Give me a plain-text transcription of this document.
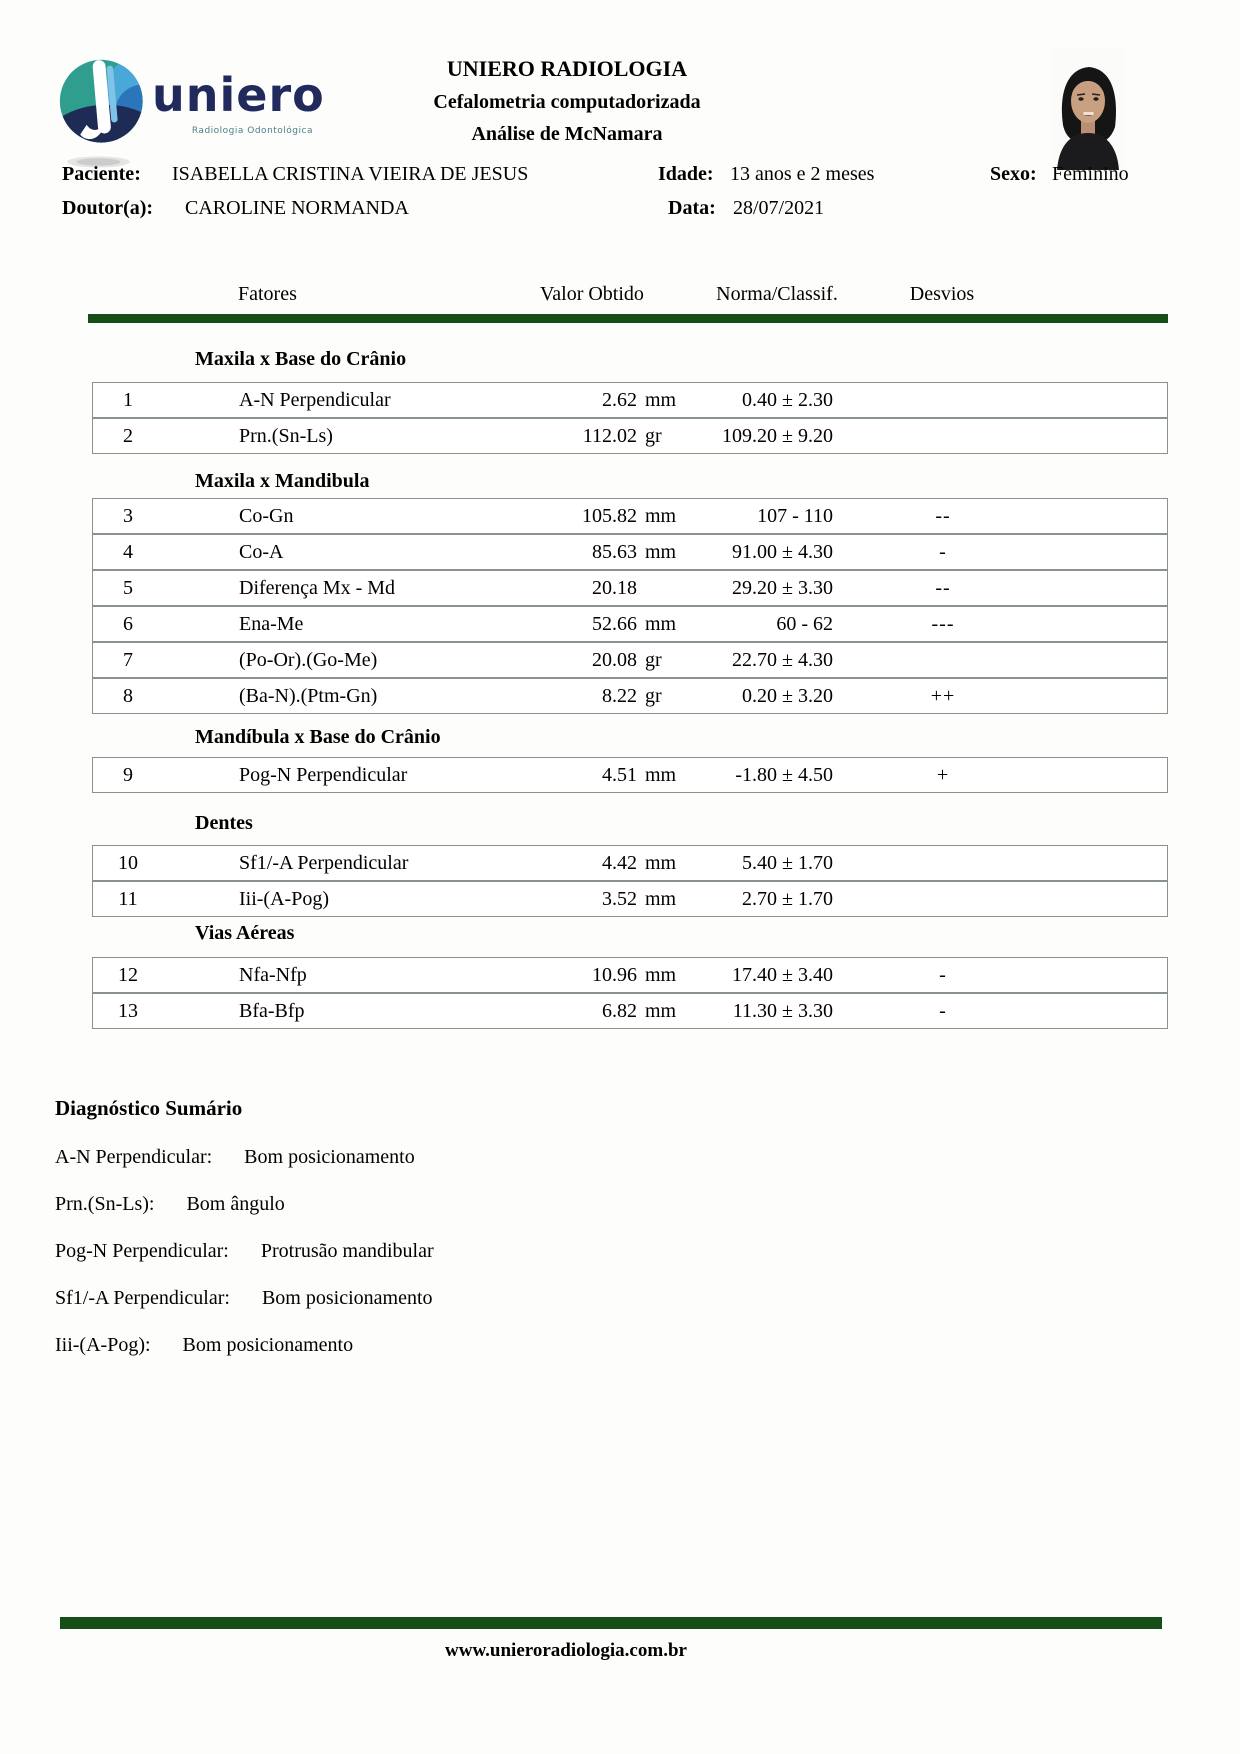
uniero
Radiologia Odontológica
UNIERO RADIOLOGIA
Cefalometria computadorizada
Análise de McNamara
Paciente: ISABELLA CRISTINA VIEIRA DE JESUS	Idade: 13 anos e 2 meses	Sexo: Feminino
Doutor(a): CAROLINE NORMANDA	Data: 28/07/2021
Fatores	Valor Obtido	Norma/Classif.	Desvios
Maxila x Base do Crânio
1	A-N Perpendicular	2.62 mm	0.40 ± 2.30
2	Prn.(Sn-Ls)	112.02 gr	109.20 ± 9.20
Maxila x Mandibula
3	Co-Gn	105.82 mm	107 - 110	--
4	Co-A	85.63 mm	91.00 ± 4.30	-
5	Diferença Mx - Md	20.18	29.20 ± 3.30	--
6	Ena-Me	52.66 mm	60 - 62	---
7	(Po-Or).(Go-Me)	20.08 gr	22.70 ± 4.30
8	(Ba-N).(Ptm-Gn)	8.22 gr	0.20 ± 3.20	++
Mandíbula x Base do Crânio
9	Pog-N Perpendicular	4.51 mm	-1.80 ± 4.50	+
Dentes
10	Sf1/-A Perpendicular	4.42 mm	5.40 ± 1.70
11	Iii-(A-Pog)	3.52 mm	2.70 ± 1.70
Vias Aéreas
12	Nfa-Nfp	10.96 mm	17.40 ± 3.40	-
13	Bfa-Bfp	6.82 mm	11.30 ± 3.30	-
Diagnóstico Sumário
A-N Perpendicular: Bom posicionamento
Prn.(Sn-Ls): Bom ângulo
Pog-N Perpendicular: Protrusão mandibular
Sf1/-A Perpendicular: Bom posicionamento
Iii-(A-Pog): Bom posicionamento
www.unieroradiologia.com.br
